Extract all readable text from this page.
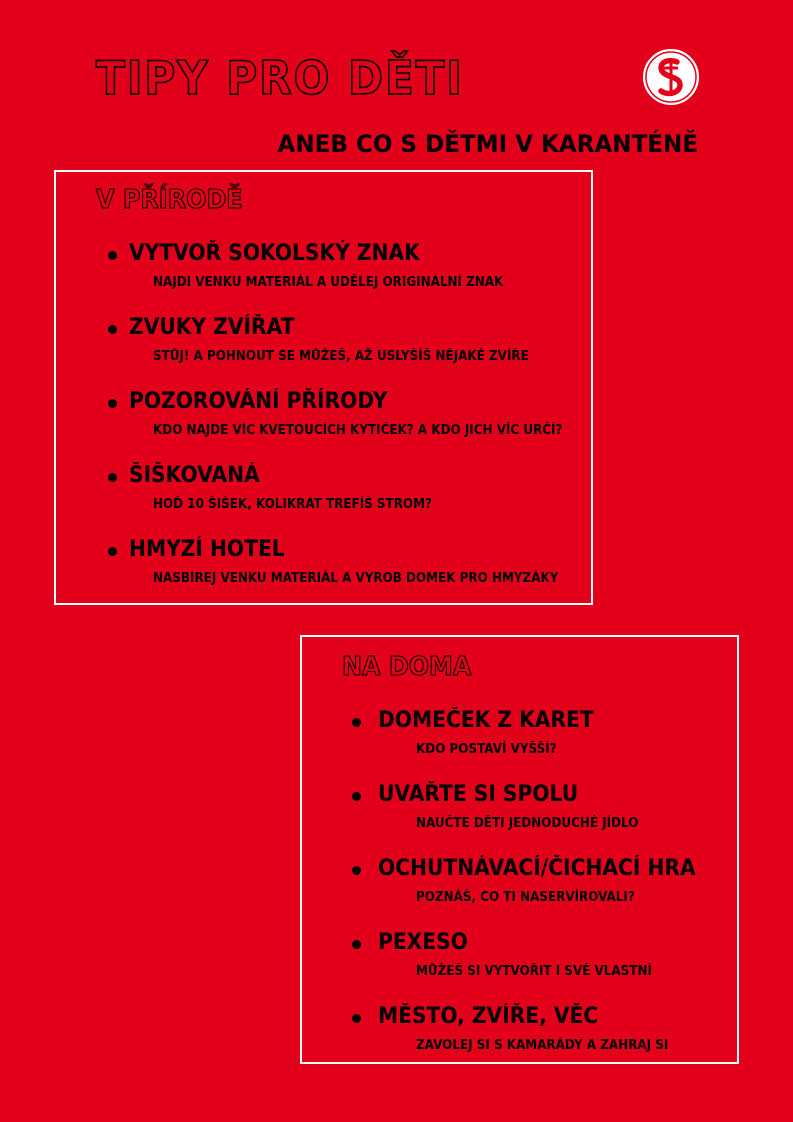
TIPY PRO DĚTI
ANEB CO S DĚTMI V KARANTÉNĚ
V PŘÍRODĚ
VYTVOŘ SOKOLSKÝ ZNAK
NAJDI VENKU MATERIÁL A UDĚLEJ ORIGINÁLNÍ ZNAK
ZVUKY ZVÍŘAT
STŮJ! A POHNOUT SE MŮŽEŠ, AŽ USLYŠÍŠ NĚJAKÉ ZVÍŘE
POZOROVÁNÍ PŘÍRODY
KDO NAJDE VÍC KVETOUCÍCH KYTIČEK? A KDO JICH VÍC URČÍ?
ŠIŠKOVANÁ
HOĎ 10 ŠIŠEK, KOLIKRÁT TREFÍŠ STROM?
HMYZÍ HOTEL
NASBÍREJ VENKU MATERIÁL A VYROB DOMEK PRO HMYZÁKY
NA DOMA
DOMEČEK Z KARET
KDO POSTAVÍ VYŠŠÍ?
UVAŘTE SI SPOLU
NAUČTE DĚTI JEDNODUCHÉ JÍDLO
OCHUTNÁVACÍ/ČICHACÍ HRA
POZNÁŠ, CO TI NASERVÍROVALI?
PEXESO
MŮŽEŠ SI VYTVOŘIT I SVÉ VLASTNÍ
MĚSTO, ZVÍŘE, VĚC
ZAVOLEJ SI S KAMARÁDY A ZAHRAJ SI
